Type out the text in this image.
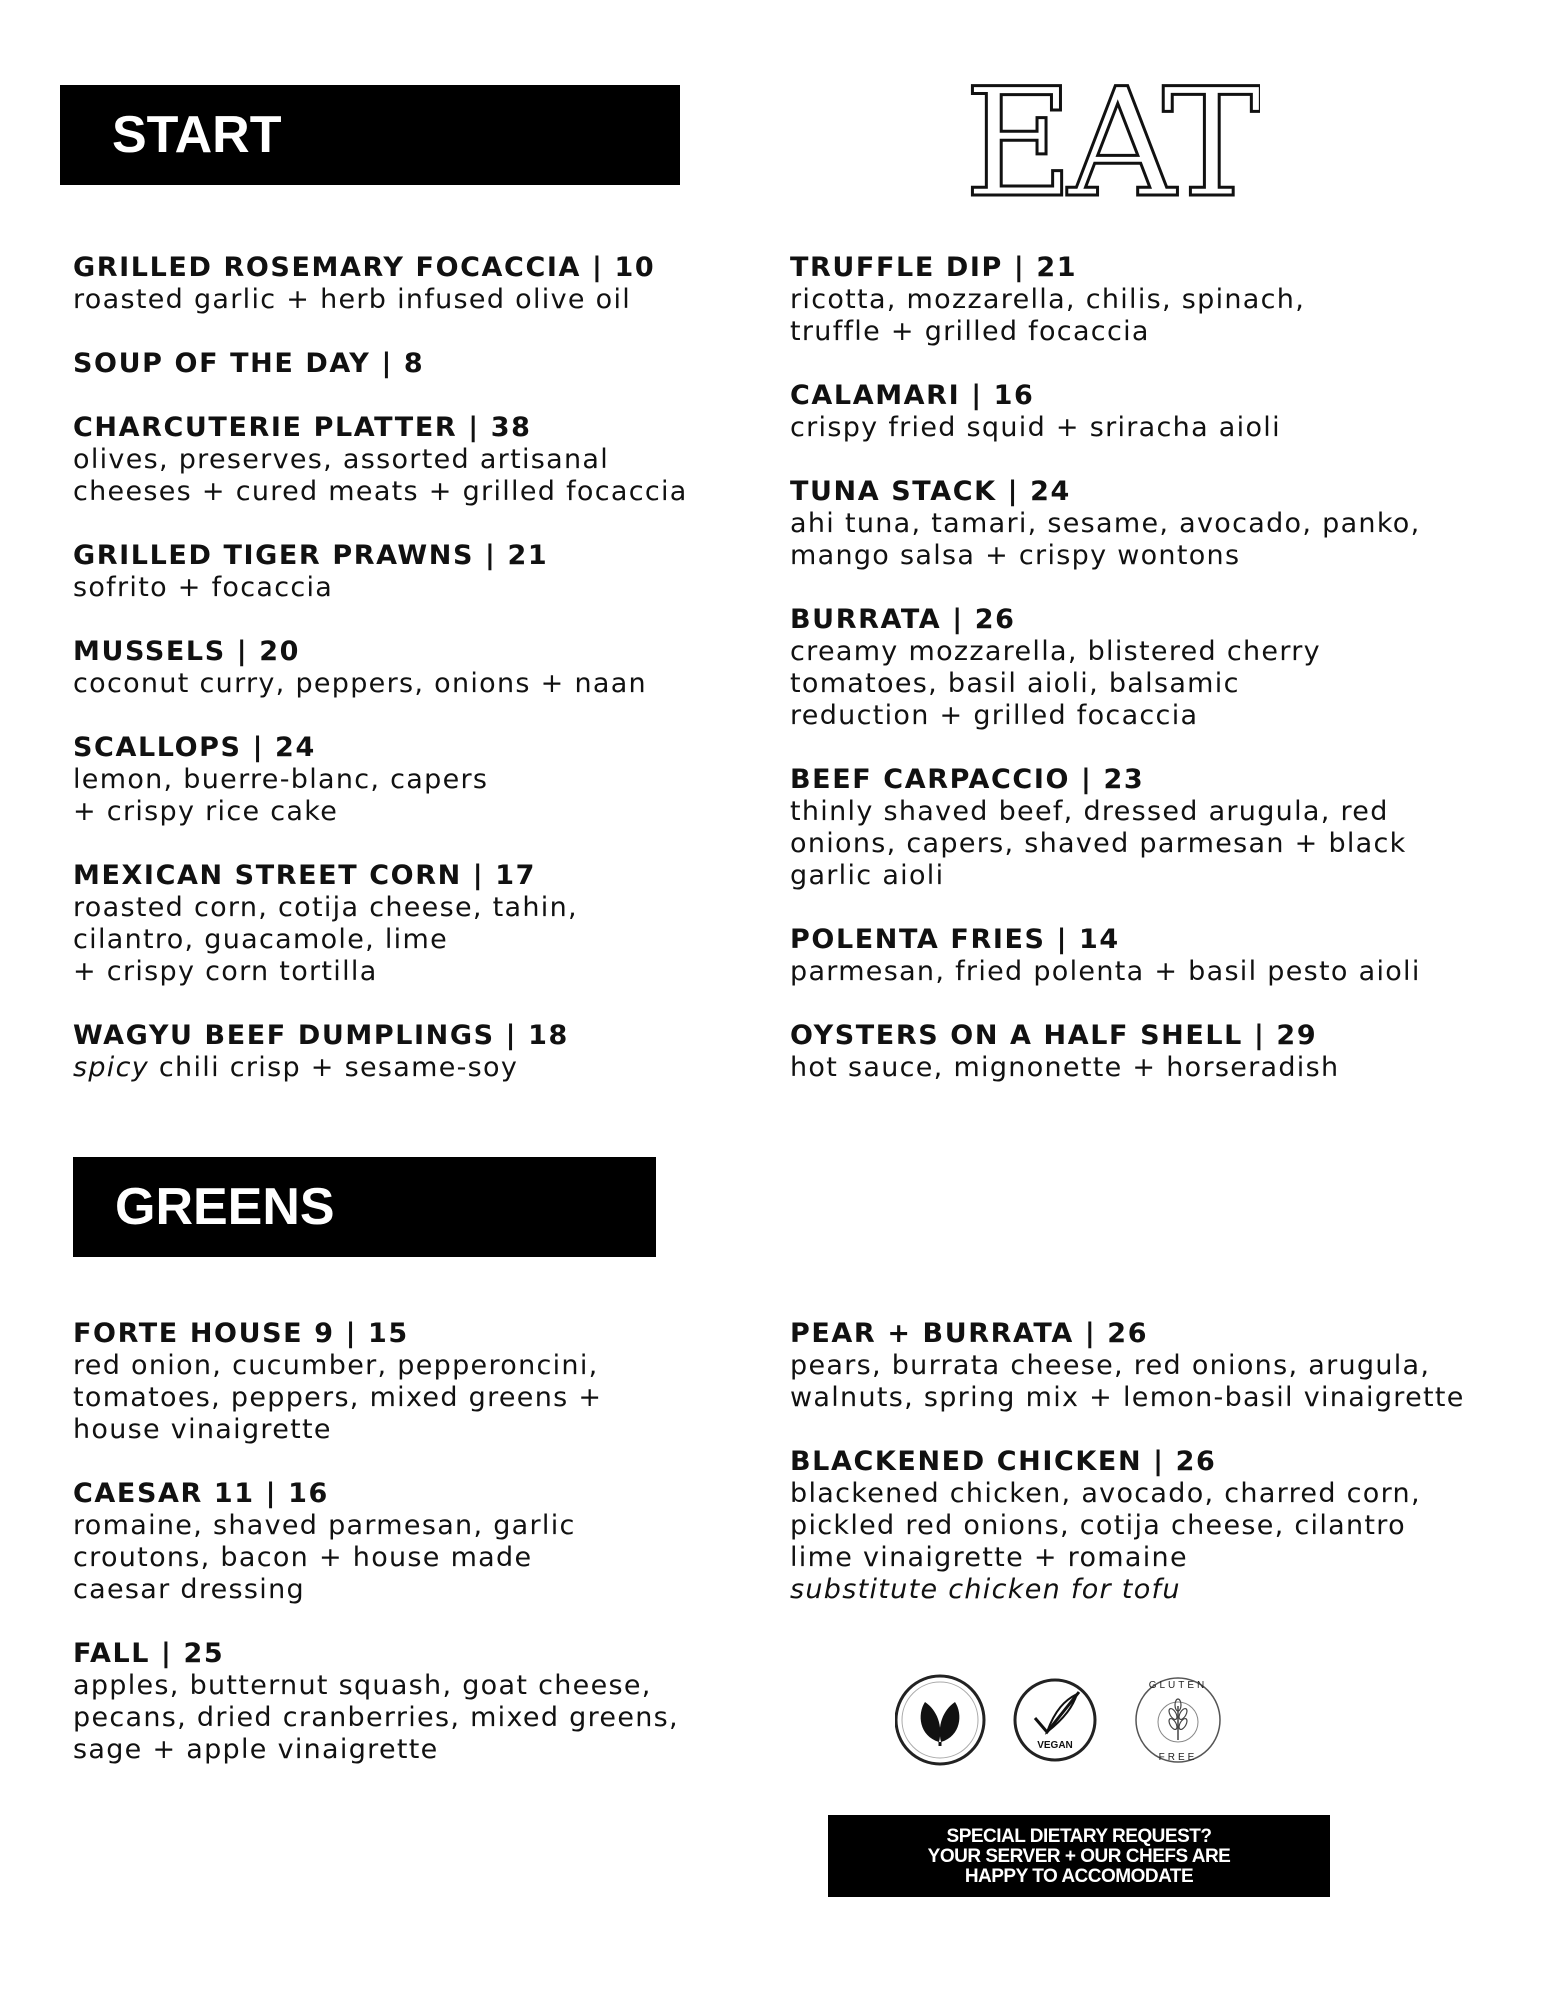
START	EAT
GRILLED ROSEMARY FOCACCIA | 10
roasted garlic + herb infused olive oil
SOUP OF THE DAY | 8
CHARCUTERIE PLATTER | 38
olives, preserves, assorted artisanal
cheeses + cured meats + grilled focaccia
GRILLED TIGER PRAWNS | 21
sofrito + focaccia
MUSSELS | 20
coconut curry, peppers, onions + naan
SCALLOPS | 24
lemon, buerre-blanc, capers
+ crispy rice cake
MEXICAN STREET CORN | 17
roasted corn, cotija cheese, tahin,
cilantro, guacamole, lime
+ crispy corn tortilla
WAGYU BEEF DUMPLINGS | 18
spicy chili crisp + sesame-soy
TRUFFLE DIP | 21
ricotta, mozzarella, chilis, spinach,
truffle + grilled focaccia
CALAMARI | 16
crispy fried squid + sriracha aioli
TUNA STACK | 24
ahi tuna, tamari, sesame, avocado, panko,
mango salsa + crispy wontons
BURRATA | 26
creamy mozzarella, blistered cherry
tomatoes, basil aioli, balsamic
reduction + grilled focaccia
BEEF CARPACCIO | 23
thinly shaved beef, dressed arugula, red
onions, capers, shaved parmesan + black
garlic aioli
POLENTA FRIES | 14
parmesan, fried polenta + basil pesto aioli
OYSTERS ON A HALF SHELL | 29
hot sauce, mignonette + horseradish
GREENS
FORTE HOUSE 9 | 15
red onion, cucumber, pepperoncini,
tomatoes, peppers, mixed greens +
house vinaigrette
CAESAR 11 | 16
romaine, shaved parmesan, garlic
croutons, bacon + house made
caesar dressing
FALL | 25
apples, butternut squash, goat cheese,
pecans, dried cranberries, mixed greens,
sage + apple vinaigrette
PEAR + BURRATA | 26
pears, burrata cheese, red onions, arugula,
walnuts, spring mix + lemon-basil vinaigrette
BLACKENED CHICKEN | 26
blackened chicken, avocado, charred corn,
pickled red onions, cotija cheese, cilantro
lime vinaigrette + romaine
substitute chicken for tofu
VEGAN
GLUTEN
FREE
SPECIAL DIETARY REQUEST?
YOUR SERVER + OUR CHEFS ARE
HAPPY TO ACCOMODATE
